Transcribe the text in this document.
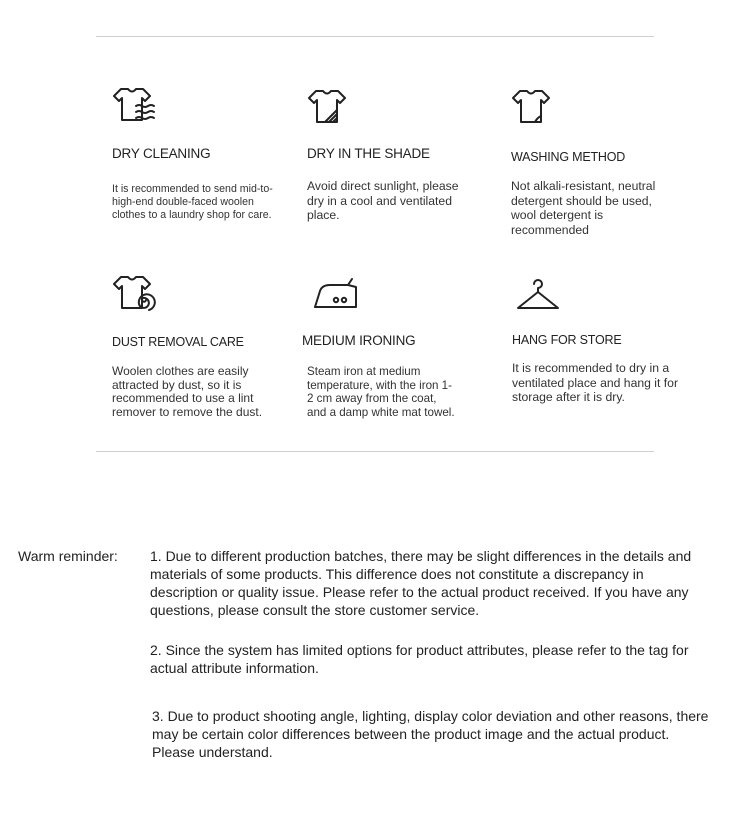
DRY CLEANING
It is recommended to send mid-to-high-end double-faced woolen clothes to a laundry shop for care.
DRY IN THE SHADE
Avoid direct sunlight, please dry in a cool and ventilated place.
WASHING METHOD
Not alkali-resistant, neutral detergent should be used, wool detergent is recommended
DUST REMOVAL CARE
Woolen clothes are easily attracted by dust, so it is recommended to use a lint remover to remove the dust.
MEDIUM IRONING
Steam iron at medium temperature, with the iron 1-2 cm away from the coat, and a damp white mat towel.
HANG FOR STORE
It is recommended to dry in a ventilated place and hang it for storage after it is dry.
Warm reminder: 1. Due to different production batches, there may be slight differences in the details and materials of some products. This difference does not constitute a discrepancy in description or quality issue. Please refer to the actual product received. If you have any questions, please consult the store customer service.
2. Since the system has limited options for product attributes, please refer to the tag for actual attribute information.
3. Due to product shooting angle, lighting, display color deviation and other reasons, there may be certain color differences between the product image and the actual product. Please understand.
